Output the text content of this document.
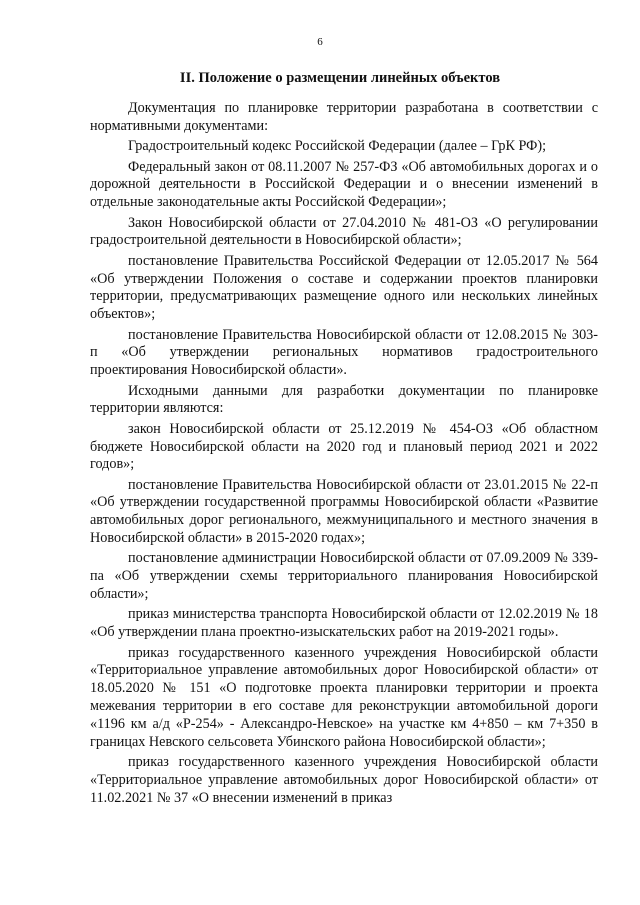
6
II. Положение о размещении линейных объектов

Документация по планировке территории разработана в соответствии с нормативными документами:

Градостроительный кодекс Российской Федерации (далее – ГрК РФ);

Федеральный закон от 08.11.2007 № 257-ФЗ «Об автомобильных дорогах и о дорожной деятельности в Российской Федерации и о внесении изменений в отдельные законодательные акты Российской Федерации»;

Закон Новосибирской области от 27.04.2010 № 481-ОЗ «О регулировании градостроительной деятельности в Новосибирской области»;

постановление Правительства Российской Федерации от 12.05.2017 № 564 «Об утверждении Положения о составе и содержании проектов планировки территории, предусматривающих размещение одного или нескольких линейных объектов»;

постановление Правительства Новосибирской области от 12.08.2015 № 303-п «Об утверждении региональных нормативов градостроительного проектирования Новосибирской области».

Исходными данными для разработки документации по планировке территории являются:

закон Новосибирской области от 25.12.2019 № 454-ОЗ «Об областном бюджете Новосибирской области на 2020 год и плановый период 2021 и 2022 годов»;

постановление Правительства Новосибирской области от 23.01.2015 № 22-п «Об утверждении государственной программы Новосибирской области «Развитие автомобильных дорог регионального, межмуниципального и местного значения в Новосибирской области» в 2015-2020 годах»;

постановление администрации Новосибирской области от 07.09.2009 № 339-па «Об утверждении схемы территориального планирования Новосибирской области»;

приказ министерства транспорта Новосибирской области от 12.02.2019 № 18 «Об утверждении плана проектно-изыскательских работ на 2019-2021 годы».

приказ государственного казенного учреждения Новосибирской области «Территориальное управление автомобильных дорог Новосибирской области» от 18.05.2020 № 151 «О подготовке проекта планировки территории и проекта межевания территории в его составе для реконструкции автомобильной дороги «1196 км а/д «Р-254» - Александро-Невское» на участке км 4+850 – км 7+350 в границах Невского сельсовета Убинского района Новосибирской области»;

приказ государственного казенного учреждения Новосибирской области «Территориальное управление автомобильных дорог Новосибирской области» от 11.02.2021 № 37 «О внесении изменений в приказ
